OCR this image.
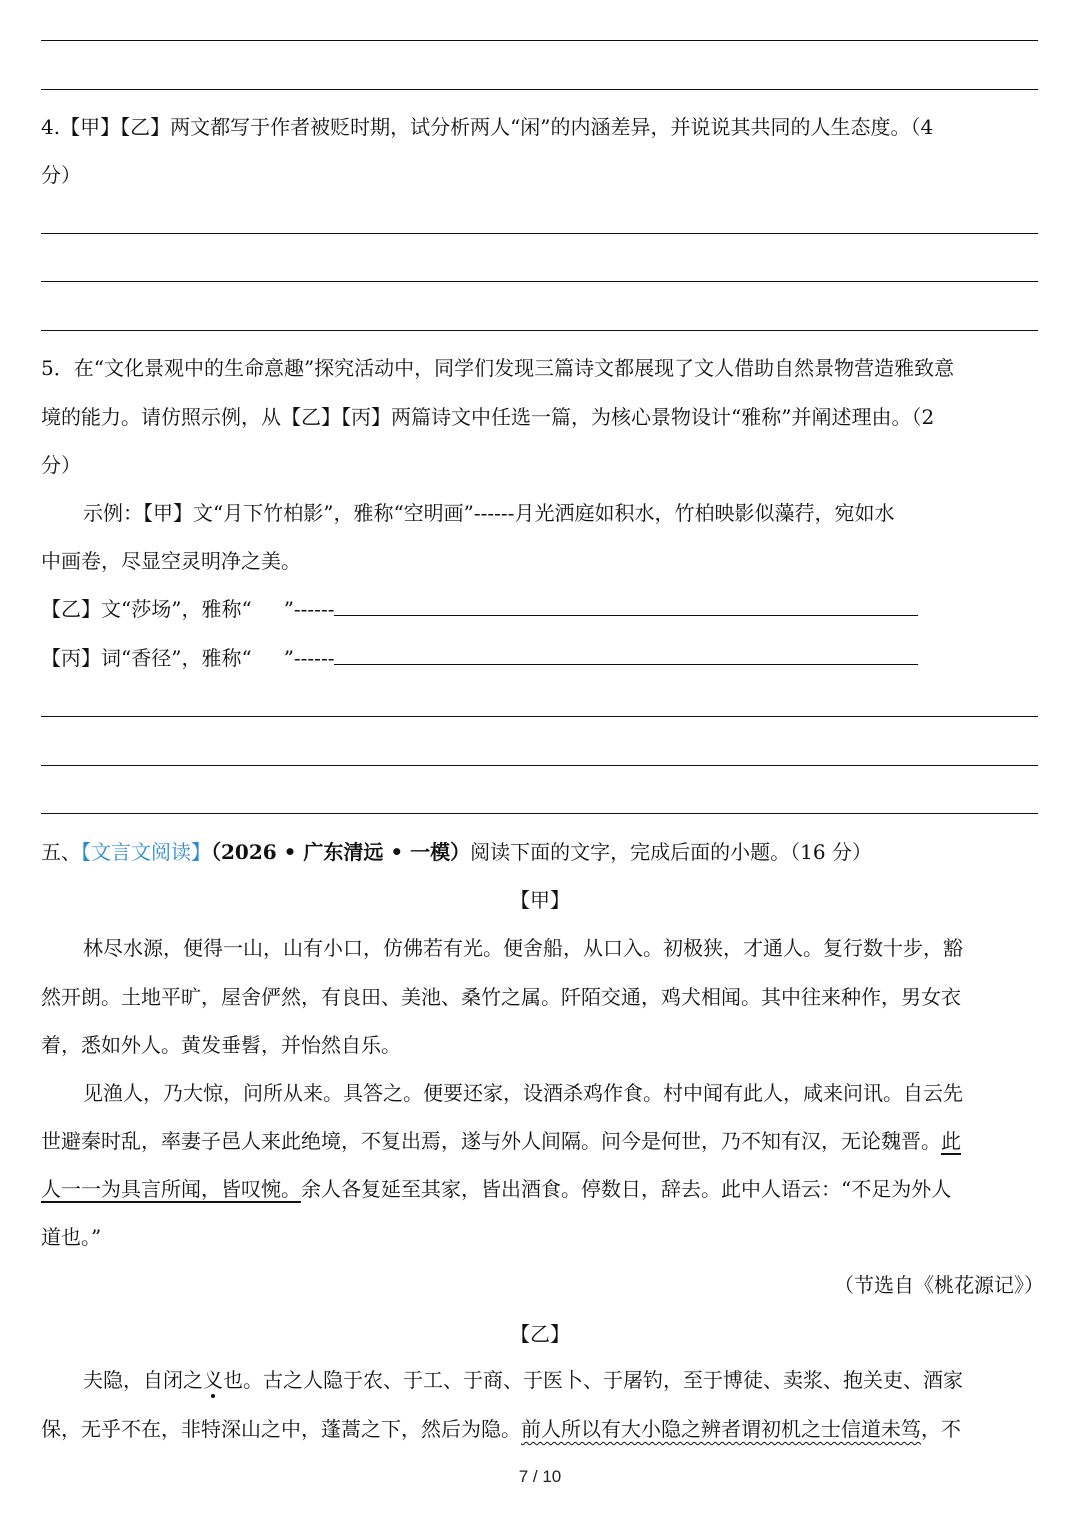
4.【甲】【乙】两文都写于作者被贬时期，试分析两人“闲”的内涵差异，并说说其共同的人生态度。（4
分）
5．在“文化景观中的生命意趣”探究活动中，同学们发现三篇诗文都展现了文人借助自然景物营造雅致意
境的能力。请仿照示例，从【乙】【丙】两篇诗文中任选一篇，为核心景物设计“雅称”并阐述理由。（2
分）
示例：【甲】文“月下竹柏影”，雅称“空明画”------月光洒庭如积水，竹柏映影似藻荇，宛如水
中画卷，尽显空灵明净之美。
【乙】文“莎场”，雅称“ ”------
【丙】词“香径”，雅称“ ”------
五、【文言文阅读】（2026 • 广东清远 • 一模）阅读下面的文字，完成后面的小题。（16 分）
【甲】
林尽水源，便得一山，山有小口，仿佛若有光。便舍船，从口入。初极狭，才通人。复行数十步，豁
然开朗。土地平旷，屋舍俨然，有良田、美池、桑竹之属。阡陌交通，鸡犬相闻。其中往来种作，男女衣
着，悉如外人。黄发垂髫，并怡然自乐。
见渔人，乃大惊，问所从来。具答之。便要还家，设酒杀鸡作食。村中闻有此人，咸来问讯。自云先
世避秦时乱，率妻子邑人来此绝境，不复出焉，遂与外人间隔。问今是何世，乃不知有汉，无论魏晋。此
人一一为具言所闻，皆叹惋。余人各复延至其家，皆出酒食。停数日，辞去。此中人语云：“不足为外人
道也。”
（节选自《桃花源记》）
【乙】
夫隐，自闭之义也。古之人隐于农、于工、于商、于医卜、于屠钓，至于博徒、卖浆、抱关吏、酒家
保，无乎不在，非特深山之中，蓬蒿之下，然后为隐。前人所以有大小隐之辨者谓初机之士信道未笃，不
7 / 10
